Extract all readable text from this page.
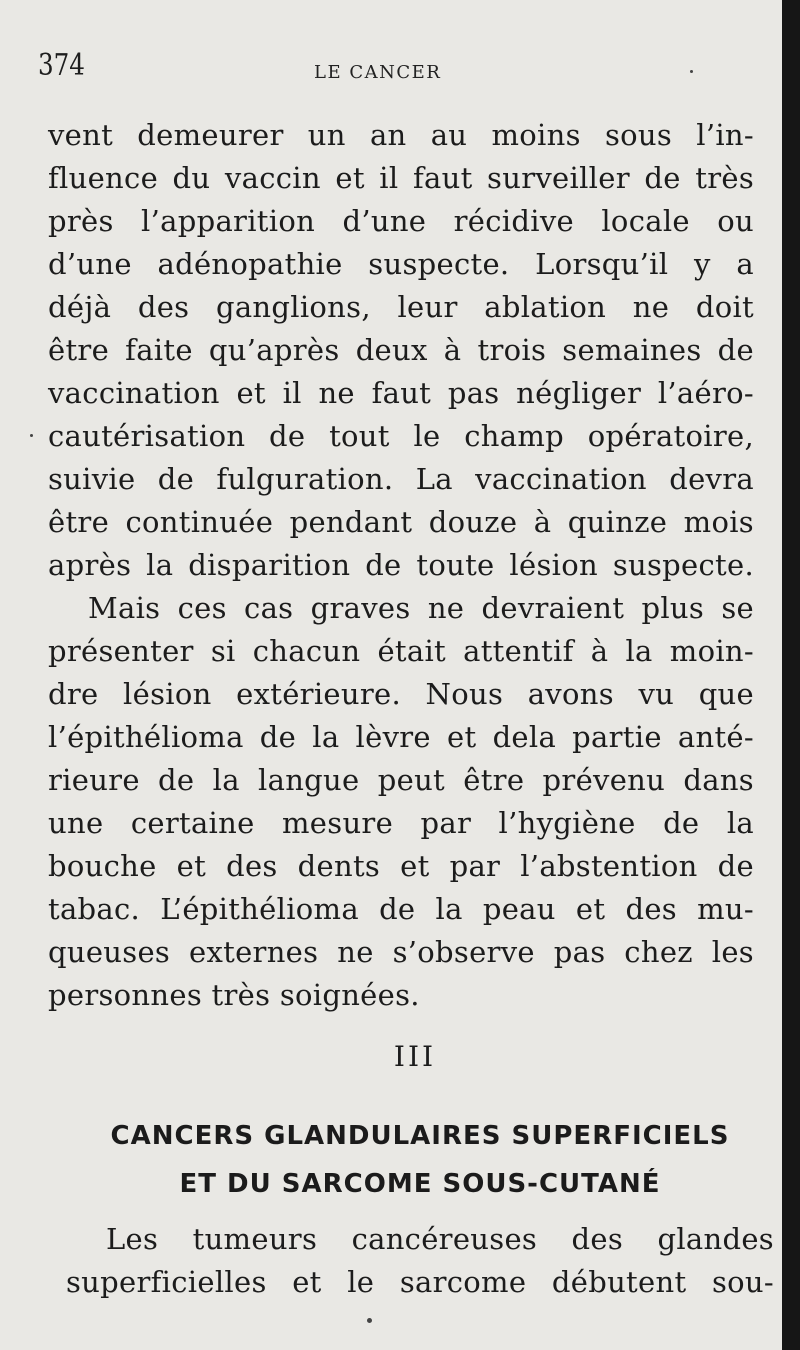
374	LE CANCER
vent demeurer un an au moins sous l’in-
fluence du vaccin et il faut surveiller de très
près l’apparition d’une récidive locale ou
d’une adénopathie suspecte. Lorsqu’il y a
déjà des ganglions, leur ablation ne doit
être faite qu’après deux à trois semaines de
vaccination et il ne faut pas négliger l’aéro-
cautérisation de tout le champ opératoire,
suivie de fulguration. La vaccination devra
être continuée pendant douze à quinze mois
après la disparition de toute lésion suspecte.
Mais ces cas graves ne devraient plus se
présenter si chacun était attentif à la moin-
dre lésion extérieure. Nous avons vu que
l’épithélioma de la lèvre et dela partie anté-
rieure de la langue peut être prévenu dans
une certaine mesure par l’hygiène de la
bouche et des dents et par l’abstention de
tabac. L’épithélioma de la peau et des mu-
queuses externes ne s’observe pas chez les
personnes très soignées.
III
CANCERS GLANDULAIRES SUPERFICIELS
ET DU SARCOME SOUS-CUTANÉ
Les tumeurs cancéreuses des glandes
superficielles et le sarcome débutent sou-
